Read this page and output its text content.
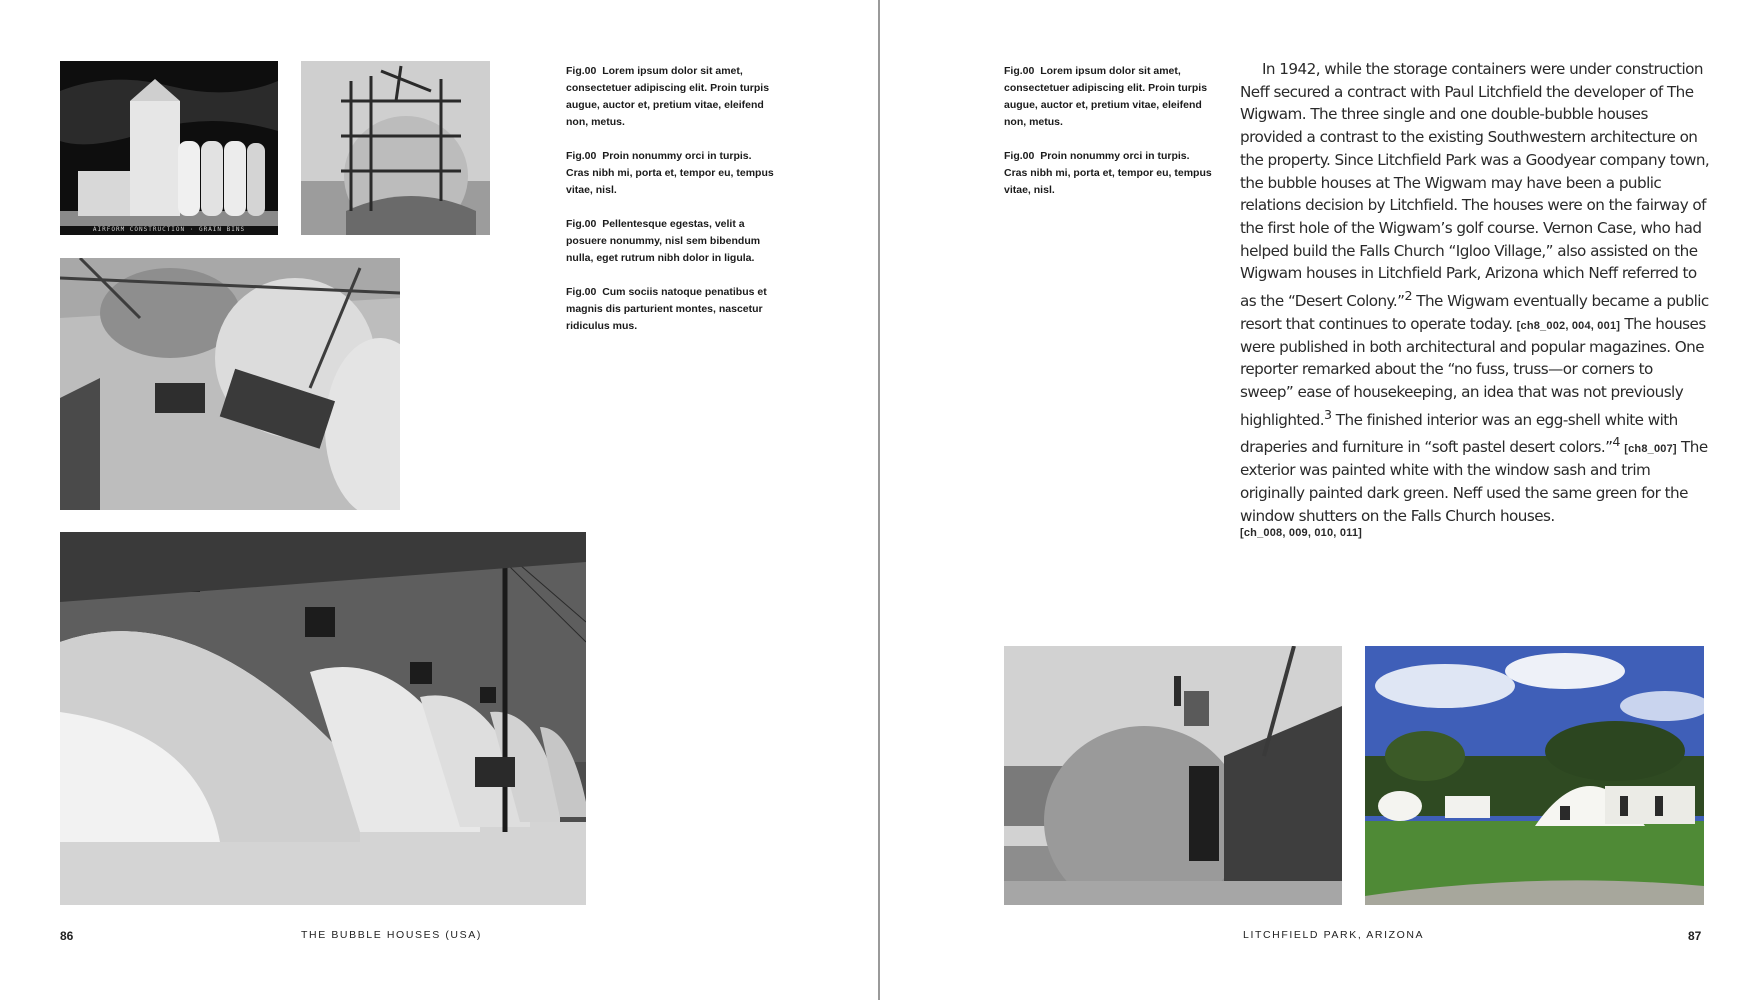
AIRFORM CONSTRUCTION · GRAIN BINS

Fig.00 Lorem ipsum dolor sit amet, consectetuer adipiscing elit. Proin turpis augue, auctor et, pretium vitae, eleifend non, metus.

Fig.00 Proin nonummy orci in turpis. Cras nibh mi, porta et, tempor eu, tempus vitae, nisl.

Fig.00 Pellentesque egestas, velit a posuere nonummy, nisl sem bibendum nulla, eget rutrum nibh dolor in ligula.

Fig.00 Cum sociis natoque penatibus et magnis dis parturient montes, nascetur ridiculus mus.

Fig.00 Lorem ipsum dolor sit amet, consectetuer adipiscing elit. Proin turpis augue, auctor et, pretium vitae, eleifend non, metus.

Fig.00 Proin nonummy orci in turpis. Cras nibh mi, porta et, tempor eu, tempus vitae, nisl.

In 1942, while the storage containers were under construction Neff secured a contract with Paul Litchfield the developer of The Wigwam. The three single and one double-bubble houses provided a contrast to the existing Southwestern architecture on the property. Since Litchfield Park was a Goodyear company town, the bubble houses at The Wigwam may have been a public relations decision by Litchfield. The houses were on the fairway of the first hole of the Wigwam’s golf course. Vernon Case, who had helped build the Falls Church “Igloo Village,” also assisted on the Wigwam houses in Litchfield Park, Arizona which Neff referred to as the “Desert Colony.”$^2$ The Wigwam eventually became a public resort that continues to operate today. [ch8_002, 004, 001] The houses were published in both architectural and popular magazines. One reporter remarked about the “no fuss, truss—or corners to sweep” ease of housekeeping, an idea that was not previously highlighted.$^3$ The finished interior was an egg-shell white with draperies and furniture in “soft pastel desert colors.”$^4$ [ch8_007] The exterior was painted white with the window sash and trim originally painted dark green. Neff used the same green for the window shutters on the Falls Church houses.
[ch_008, 009, 010, 011]

86	THE BUBBLE HOUSES (USA)	LITCHFIELD PARK, ARIZONA	87
